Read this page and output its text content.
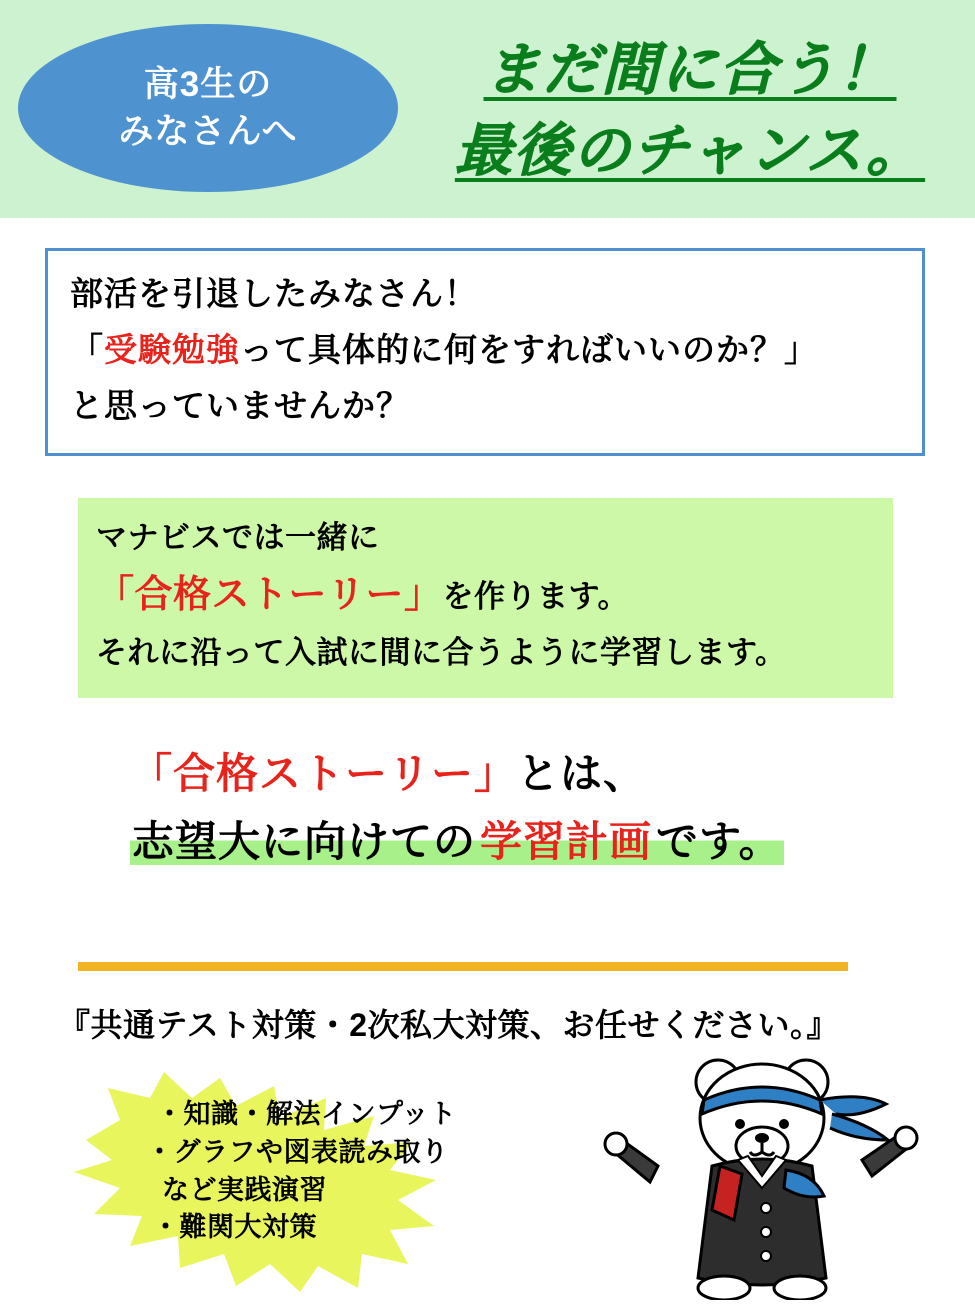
高3生の
みなさんへ
まだ間に合う！
最後のチャンス。

部活を引退したみなさん！

「受験勉強って具体的に何をすればいいのか？」

と思っていませんか？

マナビスでは一緒に

「合格ストーリー」を作ります。

それに沿って入試に間に合うように学習します。

「合格ストーリー」とは、
志望大に向けての学習計画です。
『共通テスト対策・2次私大対策、お任せください。』
・知識・解法インプット
・グラフや図表読み取り
など実践演習
・難関大対策
